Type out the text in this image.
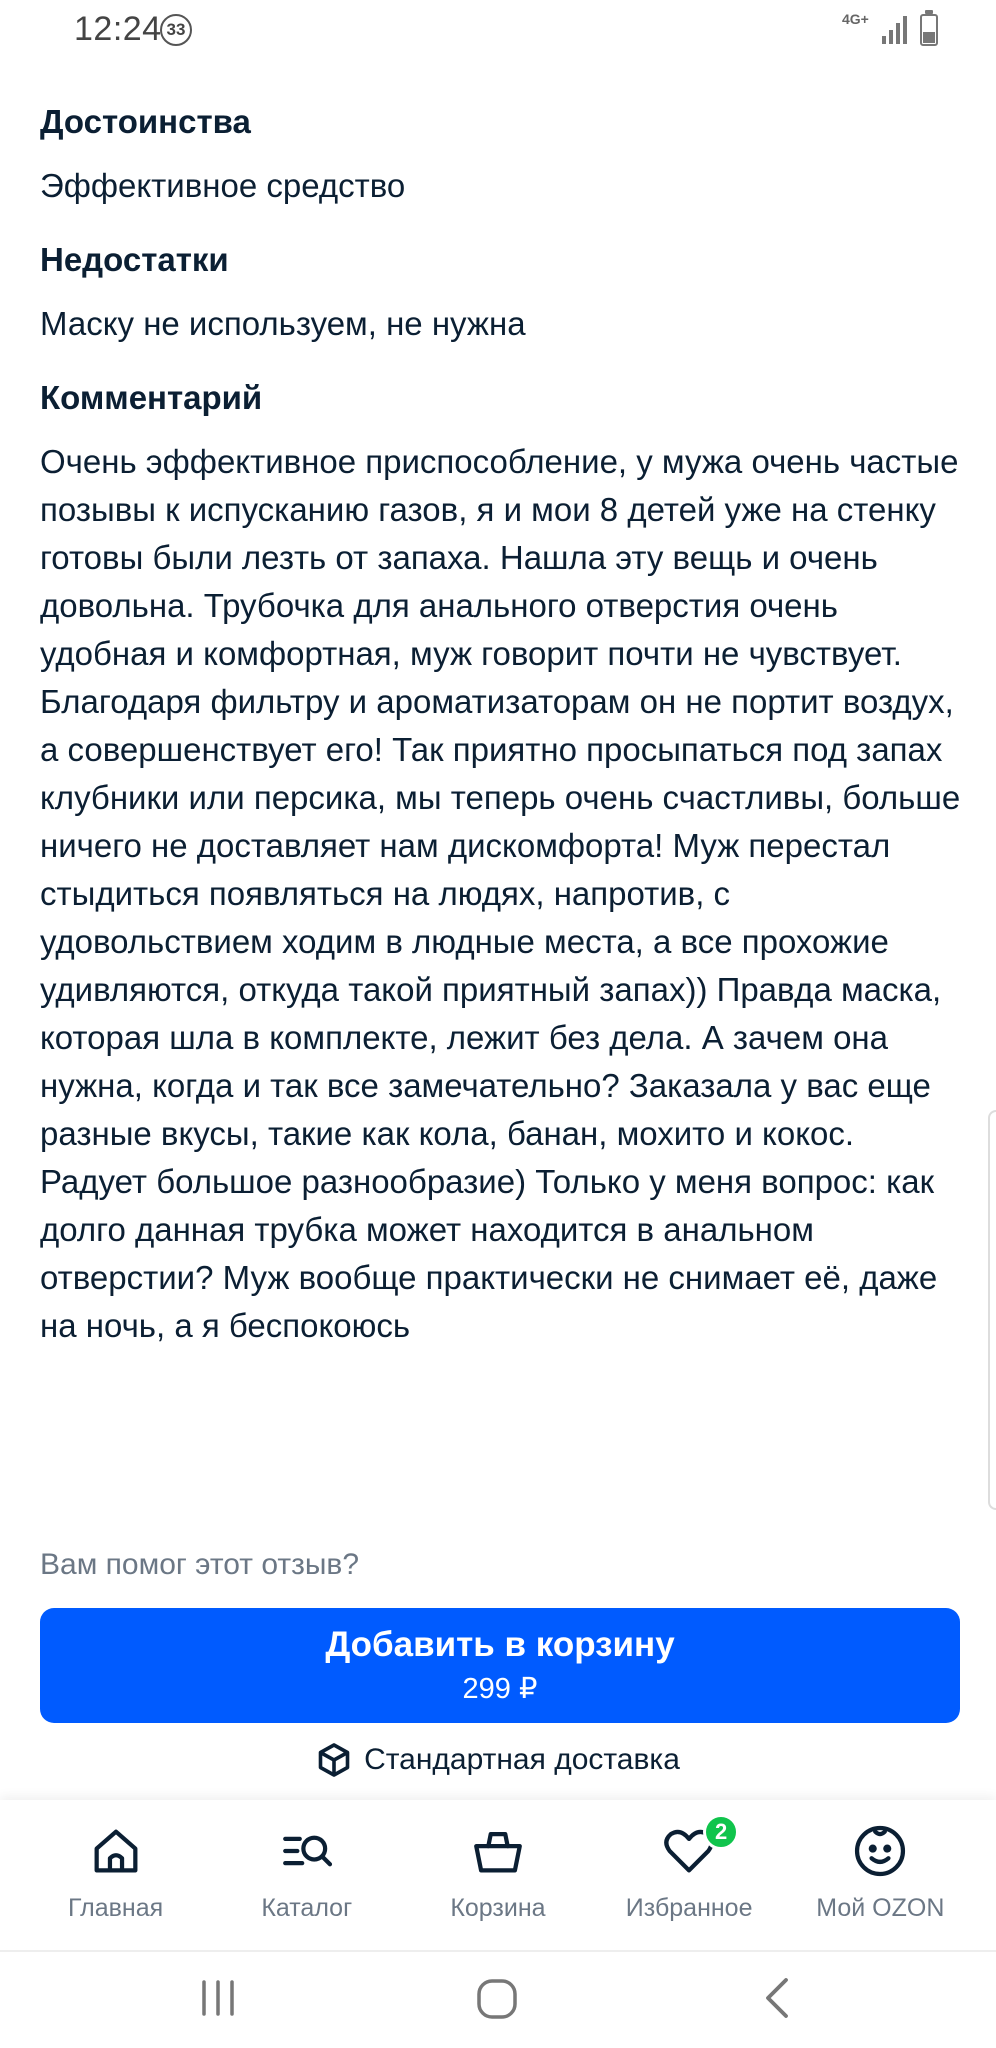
12:24 33
4G+
Достоинства
Эффективное средство
Недостатки
Маску не используем, не нужна
Комментарий
Очень эффективное приспособление, у мужа очень частые позывы к испусканию газов, я и мои 8 детей уже на стенку готовы были лезть от запаха. Нашла эту вещь и очень довольна. Трубочка для анального отверстия очень удобная и комфортная, муж говорит почти не чувствует. Благодаря фильтру и ароматизаторам он не портит воздух, а совершенствует его! Так приятно просыпаться под запах клубники или персика, мы теперь очень счастливы, больше ничего не доставляет нам дискомфорта! Муж перестал стыдиться появляться на людях, напротив, с удовольствием ходим в людные места, а все прохожие удивляются, откуда такой приятный запах)) Правда маска, которая шла в комплекте, лежит без дела. А зачем она нужна, когда и так все замечательно? Заказала у вас еще разные вкусы, такие как кола, банан, мохито и кокос. Радует большое разнообразие) Только у меня вопрос: как долго данная трубка может находится в анальном отверстии? Муж вообще практически не снимает её, даже на ночь, а я беспокоюсь
Вам помог этот отзыв?
Добавить в корзину
299 ₽
Стандартная доставка
Главная	Каталог	Корзина
2
Избранное	Мой OZON
